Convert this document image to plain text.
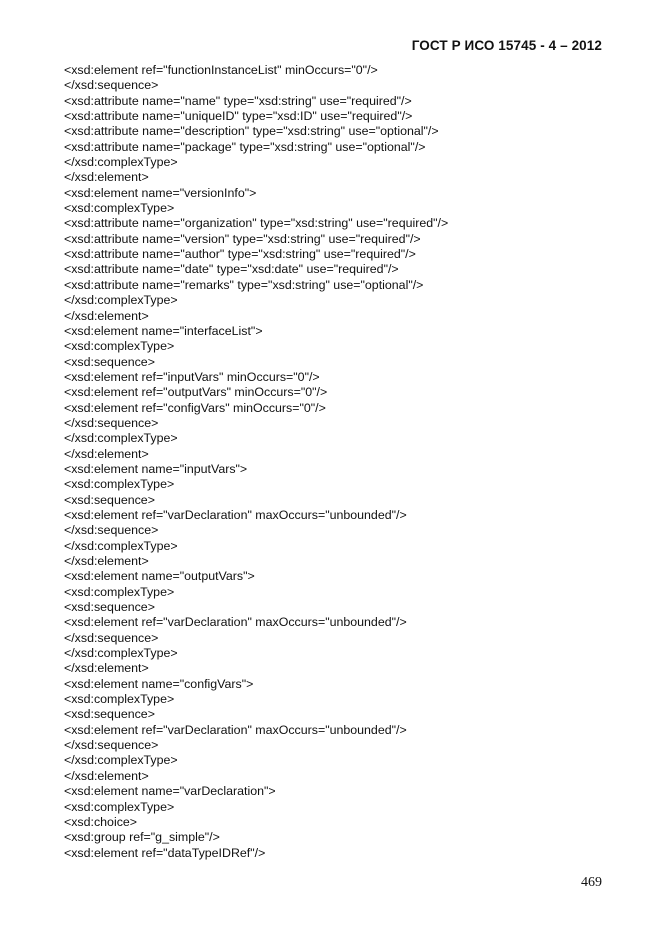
ГОСТ Р ИСО 15745 - 4 – 2012
<xsd:element ref="functionInstanceList" minOccurs="0"/>
</xsd:sequence>
<xsd:attribute name="name" type="xsd:string" use="required"/>
<xsd:attribute name="uniqueID" type="xsd:ID" use="required"/>
<xsd:attribute name="description" type="xsd:string" use="optional"/>
<xsd:attribute name="package" type="xsd:string" use="optional"/>
</xsd:complexType>
</xsd:element>
<xsd:element name="versionInfo">
<xsd:complexType>
<xsd:attribute name="organization" type="xsd:string" use="required"/>
<xsd:attribute name="version" type="xsd:string" use="required"/>
<xsd:attribute name="author" type="xsd:string" use="required"/>
<xsd:attribute name="date" type="xsd:date" use="required"/>
<xsd:attribute name="remarks" type="xsd:string" use="optional"/>
</xsd:complexType>
</xsd:element>
<xsd:element name="interfaceList">
<xsd:complexType>
<xsd:sequence>
<xsd:element ref="inputVars" minOccurs="0"/>
<xsd:element ref="outputVars" minOccurs="0"/>
<xsd:element ref="configVars" minOccurs="0"/>
</xsd:sequence>
</xsd:complexType>
</xsd:element>
<xsd:element name="inputVars">
<xsd:complexType>
<xsd:sequence>
<xsd:element ref="varDeclaration" maxOccurs="unbounded"/>
</xsd:sequence>
</xsd:complexType>
</xsd:element>
<xsd:element name="outputVars">
<xsd:complexType>
<xsd:sequence>
<xsd:element ref="varDeclaration" maxOccurs="unbounded"/>
</xsd:sequence>
</xsd:complexType>
</xsd:element>
<xsd:element name="configVars">
<xsd:complexType>
<xsd:sequence>
<xsd:element ref="varDeclaration" maxOccurs="unbounded"/>
</xsd:sequence>
</xsd:complexType>
</xsd:element>
<xsd:element name="varDeclaration">
<xsd:complexType>
<xsd:choice>
<xsd:group ref="g_simple"/>
<xsd:element ref="dataTypeIDRef"/>
469
